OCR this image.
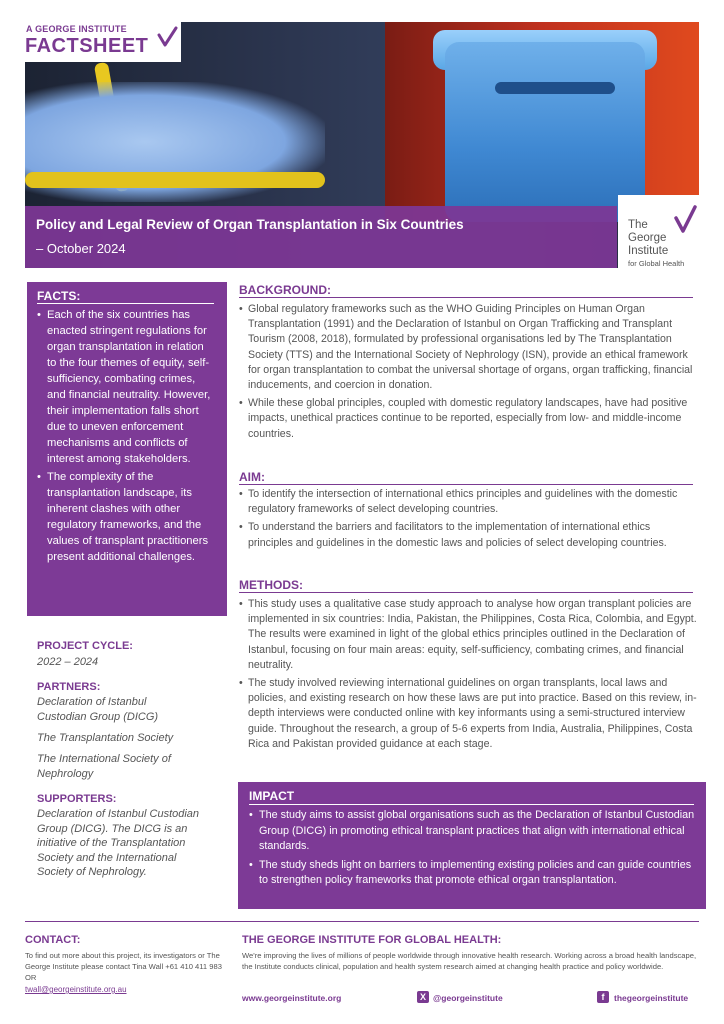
Policy and Legal Review of Organ Transplantation in Six Countries
– October 2024
A GEORGE INSTITUTE
FACTSHEET
The
George
Institute
for Global Health
FACTS:
• Each of the six countries has enacted stringent regulations for organ transplantation in relation to the four themes of equity, self-sufficiency, combating crimes, and financial neutrality. However, their implementation falls short due to uneven enforcement mechanisms and conflicts of interest among stakeholders.
• The complexity of the transplantation landscape, its inherent clashes with other regulatory frameworks, and the values of transplant practitioners present additional challenges.
PROJECT CYCLE:
2022 – 2024
PARTNERS:
Declaration of Istanbul Custodian Group (DICG)
The Transplantation Society
The International Society of Nephrology
SUPPORTERS:
Declaration of Istanbul Custodian Group (DICG). The DICG is an initiative of the Transplantation Society and the International Society of Nephrology.
BACKGROUND:
• Global regulatory frameworks such as the WHO Guiding Principles on Human Organ Transplantation (1991) and the Declaration of Istanbul on Organ Trafficking and Transplant Tourism (2008, 2018), formulated by professional organisations led by The Transplantation Society (TTS) and the International Society of Nephrology (ISN), provide an ethical framework for organ transplantation to combat the universal shortage of organs, organ trafficking, financial inducements, and coercion in donation.
• While these global principles, coupled with domestic regulatory landscapes, have had positive impacts, unethical practices continue to be reported, especially from low- and middle-income countries.
AIM:
• To identify the intersection of international ethics principles and guidelines with the domestic regulatory frameworks of select developing countries.
• To understand the barriers and facilitators to the implementation of international ethics principles and guidelines in the domestic laws and policies of select developing countries.
METHODS:
• This study uses a qualitative case study approach to analyse how organ transplant policies are implemented in six countries: India, Pakistan, the Philippines, Costa Rica, Colombia, and Egypt. The results were examined in light of the global ethics principles outlined in the Declaration of Istanbul, focusing on four main areas: equity, self-sufficiency, combating crimes, and financial neutrality.
• The study involved reviewing international guidelines on organ transplants, local laws and policies, and existing research on how these laws are put into practice. Based on this review, in-depth interviews were conducted online with key informants using a semi-structured interview guide. Throughout the research, a group of 5-6 experts from India, Australia, Philippines, Costa Rica and Pakistan provided guidance at each stage.
IMPACT
• The study aims to assist global organisations such as the Declaration of Istanbul Custodian Group (DICG) in promoting ethical transplant practices that align with international ethical standards.
• The study sheds light on barriers to implementing existing policies and can guide countries to strengthen policy frameworks that promote ethical organ transplantation.
CONTACT:
To find out more about this project, its investigators or The George Institute please contact Tina Wall +61 410 411 983 OR
twall@georgeinstitute.org.au
THE GEORGE INSTITUTE FOR GLOBAL HEALTH:
We're improving the lives of millions of people worldwide through innovative health research. Working across a broad health landscape, the Institute conducts clinical, population and health system research aimed at changing health practice and policy worldwide.
www.georgeinstitute.org	X @georgeinstitute	f	thegeorgeinstitute
